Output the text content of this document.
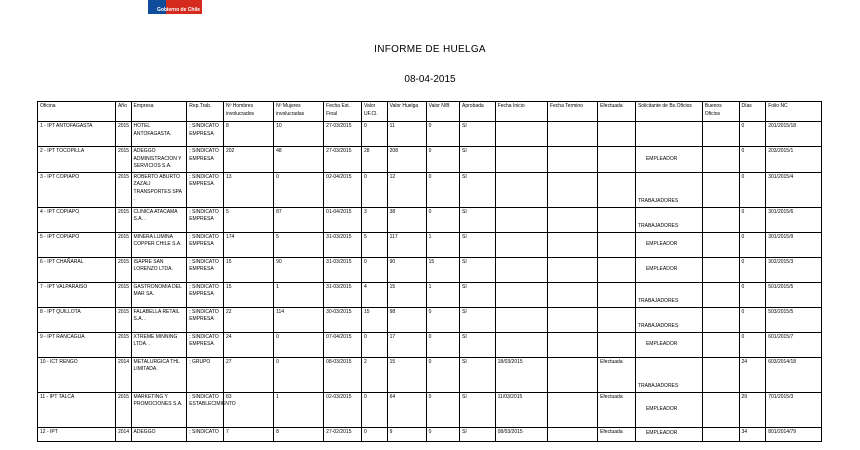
Gobierno de Chile
INFORME DE HUELGA
08-04-2015
Oficina	Año	Empresa	Rep.Trab.	Nº Hombres involucrados	Nº Mujeres involucradas	Fecha Est. Final	Valor UF.Cl.	Valor Huelga	Valor N/B	Aprobada	Fecha Inicio	Fecha Termino	Efectuada	Solicitante de Bs.Oficios	Buenos Oficios	Días	Folio NC
1 - IPT ANTOFAGASTA	2015	HOTEL ANTOFAGASTA.	; SINDICATO EMPRESA	8	10	27-03/2015	0	11	0	SI						0	201/2015/18
2 - IPT TOCOPILLA	2015	ADEGGO ADMINISTRACION Y SERVICIOS S.A.	; SINDICATO EMPRESA	202	48	27-03/2015	28	208	0	SI				EMPLEADOR		0	203/2015/1
3 - IPT COPIAPO	2015	ROBERTO ABURTO ZAZALI TRANSPORTES SPA .	; SINDICATO EMPRESA	13	0	02-04/2015	0	12	0	SI				TRABAJADORES		0	301/2015/4
4 - IPT COPIAPO	2015	CLINICA ATACAMA S.A. .	; SINDICATO EMPRESA	5	87	01-04/2015	3	38	0	SI				TRABAJADORES		0	301/2015/6
5 - IPT COPIAPO	2015	MINERA LUMINA COPPER CHILE S.A.	; SINDICATO EMPRESA	174	5	31-03/2015	5	117	1	SI				EMPLEADOR		0	301/2015/9
6 - IPT CHAÑARAL	2015	ISAPRE SAN LORENZO LTDA.	; SINDICATO EMPRESA	15	90	31-03/2015	0	90	15	SI				EMPLEADOR		0	302/2015/3
7 - IPT VALPARAISO	2015	GASTRONOMIA DEL MAR SA.	; SINDICATO EMPRESA	15	1	31-03/2015	4	15	1	SI				TRABAJADORES		0	501/2015/5
8 - IPT QUILLOTA	2015	FALABELLA RETAIL S.A. .	; SINDICATO EMPRESA	22	114	30-03/2015	15	98	0	SI				TRABAJADORES		0	503/2015/5
9 - IPT RANCAGUA	2015	XTREME MINNING LTDA. .	; SINDICATO EMPRESA	24	0	07-04/2015	0	17	0	SI				EMPLEADOR		0	601/2015/7
10 - ICT RENGO	2014	METALURGICA THL LIMITADA.	; GRUPO	27	0	08-03/2015	2	15	0	SI	18/03/2015		Efectuada	TRABAJADORES		24	603/2014/18
11 - IPT TALCA	2015	MARKETING Y PROMOCIONES S.A.	; SINDICATO ESTABLECIMIENTO	83	1	02-03/2015	0	64	0	SI	11/03/2015		Efectuada	EMPLEADOR		29	701/2015/3
12 - IPT	2014	ADEGGO	; SINDICATO	7	8	27-02/2015	0	9	0	SI	08/03/2015		Efectuada	EMPLEADOR		34	801/2014/79
